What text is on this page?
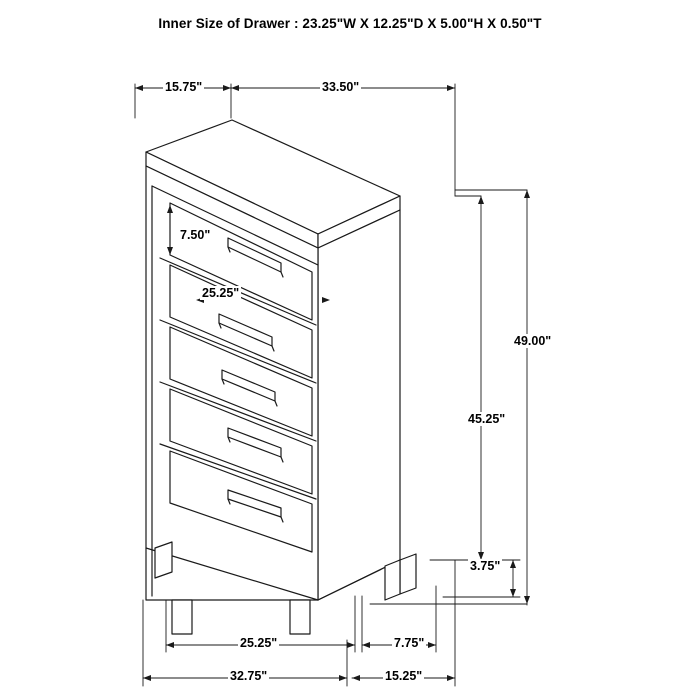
Inner Size of Drawer : 23.25"W X 12.25"D X 5.00"H X 0.50"T
15.75"	33.50"
7.50"
25.25"
49.00"
45.25"
3.75"
25.25"	7.75"
32.75"	15.25"
